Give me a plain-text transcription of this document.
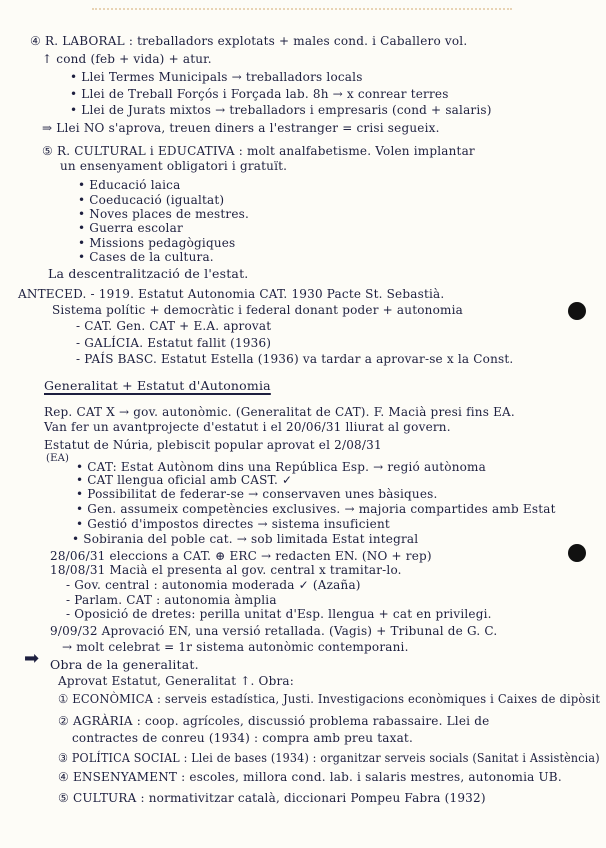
④ R. LABORAL : treballadors explotats + males cond. i Caballero vol.
↑ cond (feb + vida) + atur.
• Llei Termes Municipals → treballadors locals
• Llei de Treball Forçós i Forçada lab. 8h → x conrear terres
• Llei de Jurats mixtos → treballadors i empresaris (cond + salaris)
⇒ Llei NO s'aprova, treuen diners a l'estranger = crisi segueix.
⑤ R. CULTURAL i EDUCATIVA : molt analfabetisme. Volen implantar
un ensenyament obligatori i gratuït.
• Educació laica
• Coeducació (igualtat)
• Noves places de mestres.
• Guerra escolar
• Missions pedagògiques
• Cases de la cultura.
La descentralització de l'estat.
ANTECED. - 1919. Estatut Autonomia CAT. 1930 Pacte St. Sebastià.
Sistema polític + democràtic i federal donant poder + autonomia
- CAT. Gen. CAT + E.A. aprovat
- GALÍCIA. Estatut fallit (1936)
- PAÍS BASC. Estatut Estella (1936) va tardar a aprovar-se x la Const.
Generalitat + Estatut d'Autonomia
Rep. CAT X → gov. autonòmic. (Generalitat de CAT). F. Macià presi fins EA.
Van fer un avantprojecte d'estatut i el 20/06/31 lliurat al govern.
Estatut de Núria, plebiscit popular aprovat el 2/08/31
(EA)
• CAT: Estat Autònom dins una República Esp. → regió autònoma
• CAT llengua oficial amb CAST. ✓
• Possibilitat de federar-se → conservaven unes bàsiques.
• Gen. assumeix competències exclusives. → majoria compartides amb Estat
• Gestió d'impostos directes → sistema insuficient
• Sobirania del poble cat. → sob limitada Estat integral
28/06/31 eleccions a CAT. ⊕ ERC → redacten EN. (NO + rep)
18/08/31 Macià el presenta al gov. central x tramitar-lo.
- Gov. central : autonomia moderada ✓ (Azaña)
- Parlam. CAT : autonomia àmplia
- Oposició de dretes: perilla unitat d'Esp. llengua + cat en privilegi.
9/09/32 Aprovació EN, una versió retallada. (Vagis) + Tribunal de G. C.
→ molt celebrat = 1r sistema autonòmic contemporani.
Obra de la generalitat.
Aprovat Estatut, Generalitat ↑. Obra:
① ECONÒMICA : serveis estadística, Justi. Investigacions econòmiques i Caixes de dipòsit
② AGRÀRIA : coop. agrícoles, discussió problema rabassaire. Llei de
contractes de conreu (1934) : compra amb preu taxat.
③ POLÍTICA SOCIAL : Llei de bases (1934) : organitzar serveis socials (Sanitat i Assistència)
④ ENSENYAMENT : escoles, millora cond. lab. i salaris mestres, autonomia UB.
⑤ CULTURA : normativitzar català, diccionari Pompeu Fabra (1932)
➡
